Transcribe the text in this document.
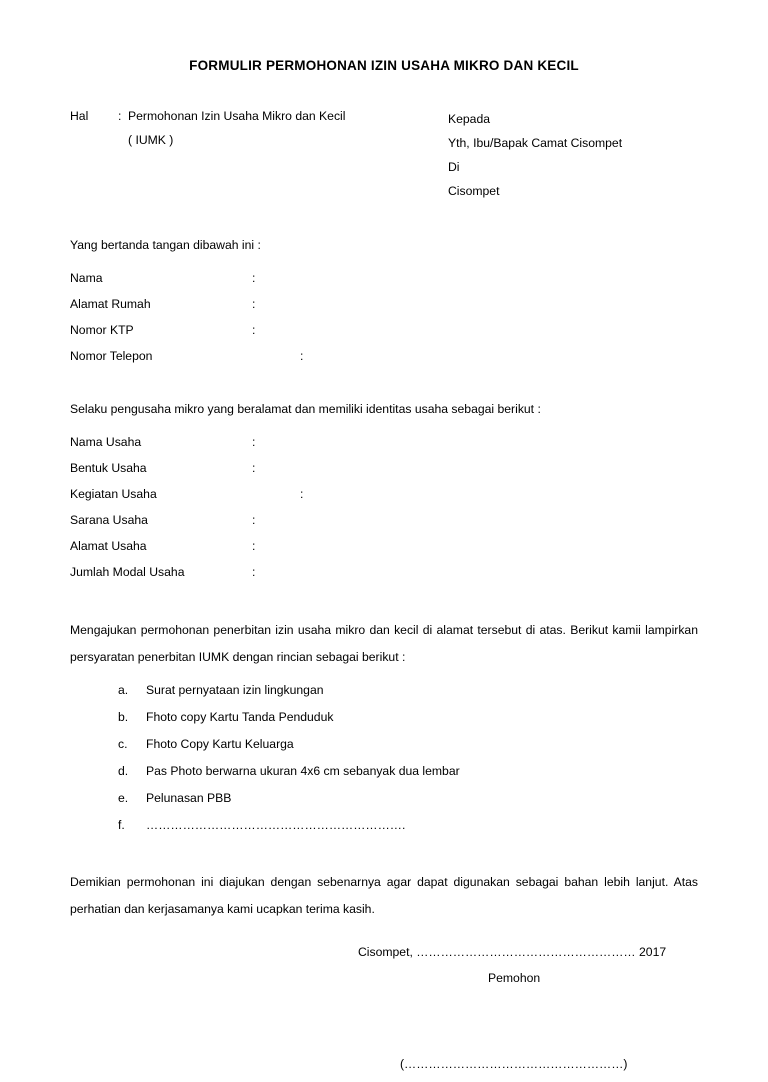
FORMULIR PERMOHONAN IZIN USAHA MIKRO DAN KECIL
Hal	: Permohonan Izin Usaha Mikro dan Kecil
( IUMK )
Kepada
Yth, Ibu/Bapak Camat Cisompet
Di
Cisompet
Yang bertanda tangan dibawah ini :
Nama	:
Alamat Rumah	:
Nomor KTP	:
Nomor Telepon	:
Selaku pengusaha mikro yang beralamat dan memiliki identitas usaha sebagai berikut :
Nama Usaha	:
Bentuk Usaha	:
Kegiatan Usaha	:
Sarana Usaha	:
Alamat Usaha	:
Jumlah Modal Usaha	:
Mengajukan permohonan penerbitan izin usaha mikro dan kecil di alamat tersebut di atas. Berikut kamii lampirkan persyaratan penerbitan IUMK dengan rincian sebagai berikut :
a.	Surat pernyataan izin lingkungan
b.	Fhoto copy Kartu Tanda Penduduk
c.	Fhoto Copy Kartu Keluarga
d.	Pas Photo berwarna ukuran 4x6 cm sebanyak dua lembar
e.	Pelunasan PBB
f.	……………………………………………………….
Demikian permohonan ini diajukan dengan sebenarnya agar dapat digunakan sebagai bahan lebih lanjut. Atas perhatian dan kerjasamanya kami ucapkan terima kasih.
Cisompet, ……………………………………………… 2017
Pemohon
(………………………………………………)
